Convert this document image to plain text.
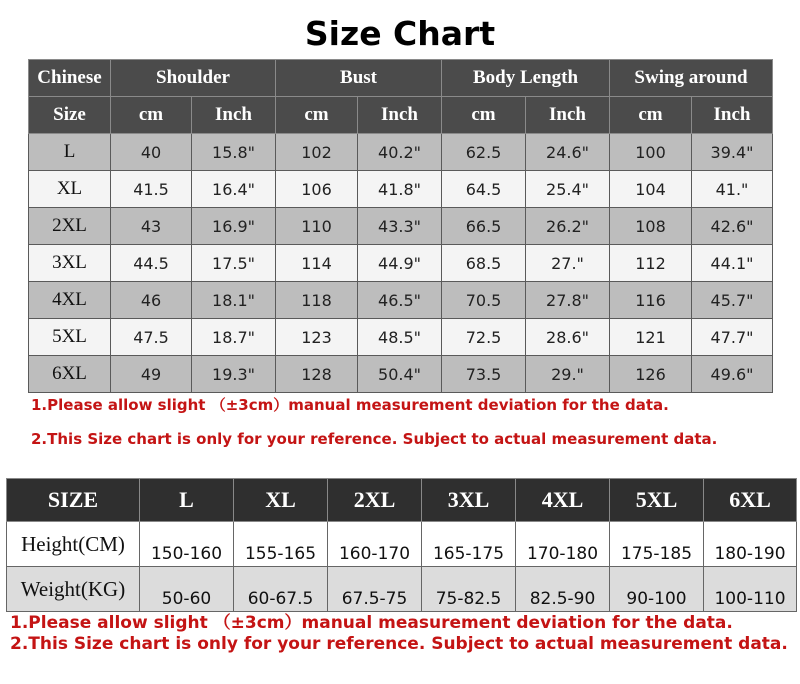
Size Chart
Chinese	Shoulder		Bust		Body Length		Swing around	
Size	cm	Inch	cm	Inch	cm	Inch	cm	Inch
L	40	15.8"	102	40.2"	62.5	24.6"	100	39.4"
XL	41.5	16.4"	106	41.8"	64.5	25.4"	104	41."
2XL	43	16.9"	110	43.3"	66.5	26.2"	108	42.6"
3XL	44.5	17.5"	114	44.9"	68.5	27."	112	44.1"
4XL	46	18.1"	118	46.5"	70.5	27.8"	116	45.7"
5XL	47.5	18.7"	123	48.5"	72.5	28.6"	121	47.7"
6XL	49	19.3"	128	50.4"	73.5	29."	126	49.6"
1.Please allow slight （±3cm）manual measurement deviation for the data.
2.This Size chart is only for your reference. Subject to actual measurement data.
SIZE	L	XL	2XL	3XL	4XL	5XL	6XL
Height(CM)	150-160	155-165	160-170	165-175	170-180	175-185	180-190
Weight(KG)	50-60	60-67.5	67.5-75	75-82.5	82.5-90	90-100	100-110
1.Please allow slight （±3cm）manual measurement deviation for the data.
2.This Size chart is only for your reference. Subject to actual measurement data.
